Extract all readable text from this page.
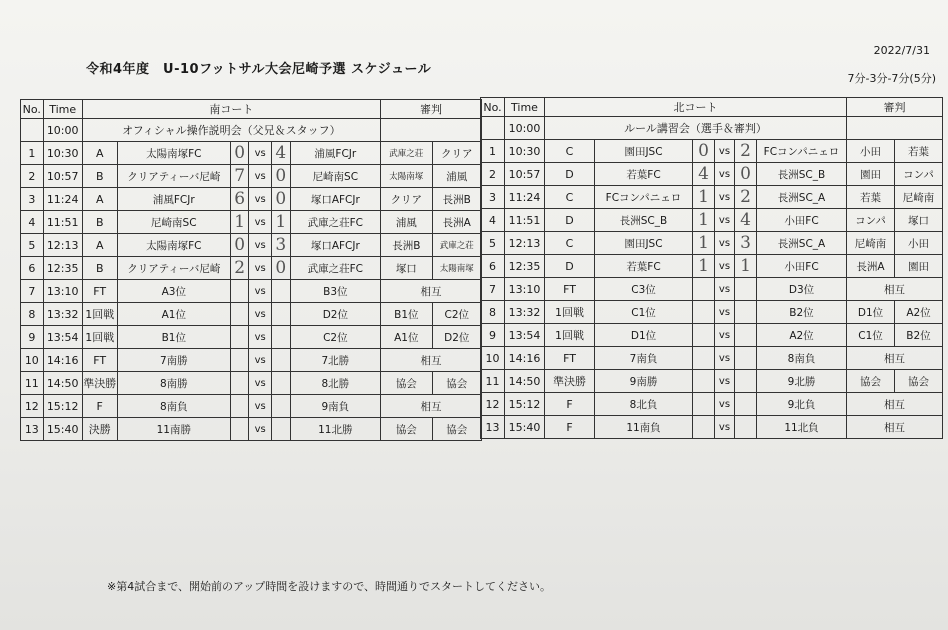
2022/7/31
令和4年度　U-10フットサル大会尼崎予選 スケジュール
7分-3分-7分(5分)
No.	Time	南コート						審判	
	10:00	オフィシャル操作説明会（父兄＆スタッフ）							
1	10:30	A	太陽南塚FC	0	vs	4	浦風FCJr	武庫之荘	クリア
2	10:57	B	クリアティーバ尼崎	7	vs	0	尼崎南SC	太陽南塚	浦風
3	11:24	A	浦風FCJr	6	vs	0	塚口AFCJr	クリア	長洲B
4	11:51	B	尼崎南SC	1	vs	1	武庫之荘FC	浦風	長洲A
5	12:13	A	太陽南塚FC	0	vs	3	塚口AFCJr	長洲B	武庫之荘
6	12:35	B	クリアティーバ尼崎	2	vs	0	武庫之荘FC	塚口	太陽南塚
7	13:10	FT	A3位		vs		B3位	相互	
8	13:32	1回戦	A1位		vs		D2位	B1位	C2位
9	13:54	1回戦	B1位		vs		C2位	A1位	D2位
10	14:16	FT	7南勝		vs		7北勝	相互	
11	14:50	準決勝	8南勝		vs		8北勝	協会	協会
12	15:12	F	8南負		vs		9南負	相互	
13	15:40	決勝	11南勝		vs		11北勝	協会	協会
No.	Time	北コート						審判	
	10:00	ルール講習会（選手＆審判）							
1	10:30	C	園田JSC	0	vs	2	FCコンパニェロ	小田	若葉
2	10:57	D	若葉FC	4	vs	0	長洲SC_B	園田	コンパ
3	11:24	C	FCコンパニェロ	1	vs	2	長洲SC_A	若葉	尼崎南
4	11:51	D	長洲SC_B	1	vs	4	小田FC	コンパ	塚口
5	12:13	C	園田JSC	1	vs	3	長洲SC_A	尼崎南	小田
6	12:35	D	若葉FC	1	vs	1	小田FC	長洲A	園田
7	13:10	FT	C3位		vs		D3位	相互	
8	13:32	1回戦	C1位		vs		B2位	D1位	A2位
9	13:54	1回戦	D1位		vs		A2位	C1位	B2位
10	14:16	FT	7南負		vs		8南負	相互	
11	14:50	準決勝	9南勝		vs		9北勝	協会	協会
12	15:12	F	8北負		vs		9北負	相互	
13	15:40	F	11南負		vs		11北負	相互	
※第4試合まで、開始前のアップ時間を設けますので、時間通りでスタートしてください。
